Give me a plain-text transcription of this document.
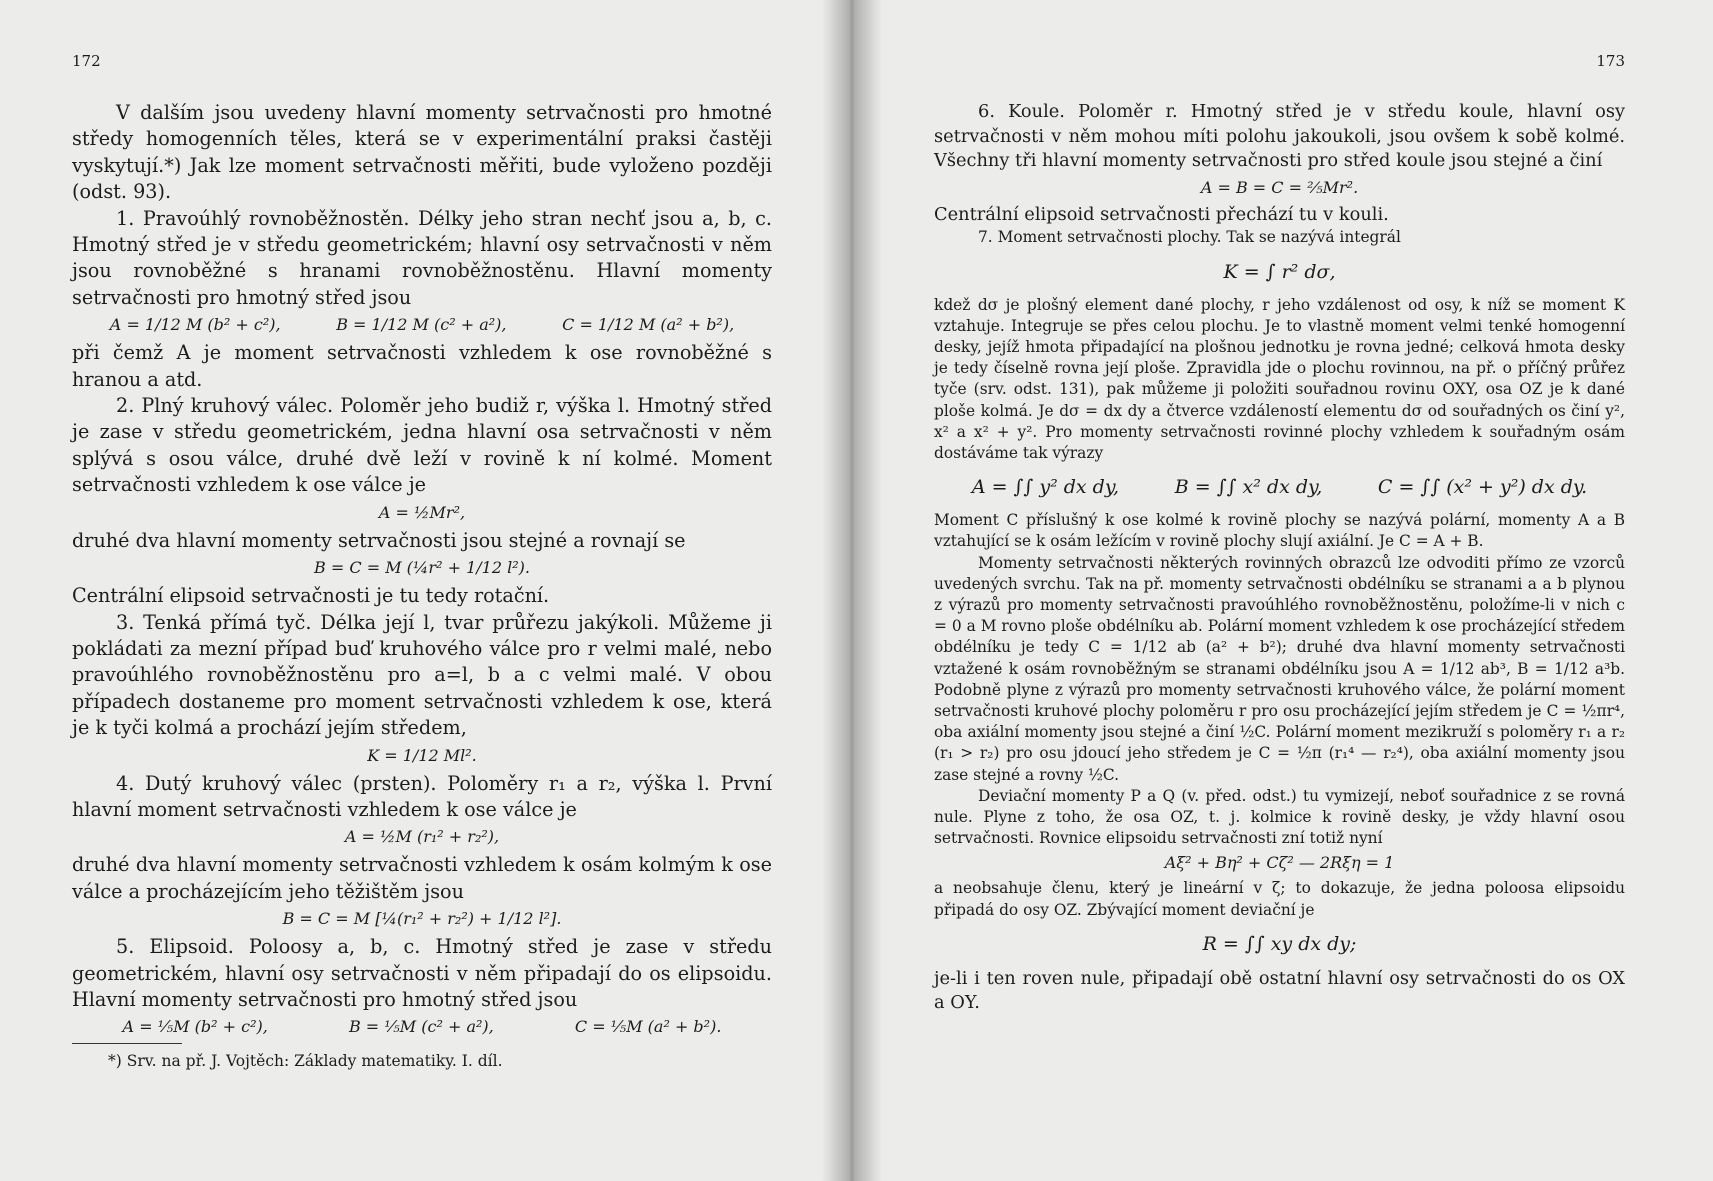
172

V dalším jsou uvedeny hlavní momenty setrvačnosti pro hmotné středy homogenních těles, která se v experimentální praksi častěji vyskytují.*) Jak lze moment setrvačnosti měřiti, bude vyloženo později (odst. 93).

1. Pravoúhlý rovnoběžnostěn. Délky jeho stran nechť jsou a, b, c. Hmotný střed je v středu geometrickém; hlavní osy setrvačnosti v něm jsou rovnoběžné s hranami rovnoběžnostěnu. Hlavní momenty setrvačnosti pro hmotný střed jsou

A = 1/12 M (b² + c²),	B = 1/12 M (c² + a²),	C = 1/12 M (a² + b²),

při čemž A je moment setrvačnosti vzhledem k ose rovnoběžné s hranou a atd.

2. Plný kruhový válec. Poloměr jeho budiž r, výška l. Hmotný střed je zase v středu geometrickém, jedna hlavní osa setrvačnosti v něm splývá s osou válce, druhé dvě leží v rovině k ní kolmé. Moment setrvačnosti vzhledem k ose válce je

A = ½Mr²,

druhé dva hlavní momenty setrvačnosti jsou stejné a rovnají se

B = C = M (¼r² + 1/12 l²).

Centrální elipsoid setrvačnosti je tu tedy rotační.

3. Tenká přímá tyč. Délka její l, tvar průřezu jakýkoli. Můžeme ji pokládati za mezní případ buď kruhového válce pro r velmi malé, nebo pravoúhlého rovnoběžnostěnu pro a=l, b a c velmi malé. V obou případech dostaneme pro moment setrvačnosti vzhledem k ose, která je k tyči kolmá a prochází jejím středem,

K = 1/12 Ml².

4. Dutý kruhový válec (prsten). Poloměry r₁ a r₂, výška l. První hlavní moment setrvačnosti vzhledem k ose válce je

A = ½M (r₁² + r₂²),

druhé dva hlavní momenty setrvačnosti vzhledem k osám kolmým k ose válce a procházejícím jeho těžištěm jsou

B = C = M [¼(r₁² + r₂²) + 1/12 l²].

5. Elipsoid. Poloosy a, b, c. Hmotný střed je zase v středu geometrickém, hlavní osy setrvačnosti v něm připadají do os elipsoidu. Hlavní momenty setrvačnosti pro hmotný střed jsou

A = ⅕M (b² + c²),	B = ⅕M (c² + a²),	C = ⅕M (a² + b²).
*) Srv. na př. J. Vojtěch: Základy matematiky. I. díl.
173

6. Koule. Poloměr r. Hmotný střed je v středu koule, hlavní osy setrvačnosti v něm mohou míti polohu jakoukoli, jsou ovšem k sobě kolmé. Všechny tři hlavní momenty setrvačnosti pro střed koule jsou stejné a činí

A = B = C = ⅖Mr².

Centrální elipsoid setrvačnosti přechází tu v kouli.

7. Moment setrvačnosti plochy. Tak se nazývá integrál

K = ∫ r² dσ,

kdež dσ je plošný element dané plochy, r jeho vzdálenost od osy, k níž se moment K vztahuje. Integruje se přes celou plochu. Je to vlastně moment velmi tenké homogenní desky, jejíž hmota připadající na plošnou jednotku je rovna jedné; celková hmota desky je tedy číselně rovna její ploše. Zpravidla jde o plochu rovinnou, na př. o příčný průřez tyče (srv. odst. 131), pak můžeme ji položiti souřadnou rovinu OXY, osa OZ je k dané ploše kolmá. Je dσ = dx dy a čtverce vzdáleností elementu dσ od souřadných os činí y², x² a x² + y². Pro momenty setrvačnosti rovinné plochy vzhledem k souřadným osám dostáváme tak výrazy

A = ∫∫ y² dx dy,	B = ∫∫ x² dx dy,	C = ∫∫ (x² + y²) dx dy.

Moment C příslušný k ose kolmé k rovině plochy se nazývá polární, momenty A a B vztahující se k osám ležícím v rovině plochy slují axiální. Je C = A + B.

Momenty setrvačnosti některých rovinných obrazců lze odvoditi přímo ze vzorců uvedených svrchu. Tak na př. momenty setrvačnosti obdélníku se stranami a a b plynou z výrazů pro momenty setrvačnosti pravoúhlého rovnoběžnostěnu, položíme-li v nich c = 0 a M rovno ploše obdélníku ab. Polární moment vzhledem k ose procházející středem obdélníku je tedy C = 1/12 ab (a² + b²); druhé dva hlavní momenty setrvačnosti vztažené k osám rovnoběžným se stranami obdélníku jsou A = 1/12 ab³, B = 1/12 a³b. Podobně plyne z výrazů pro momenty setrvačnosti kruhového válce, že polární moment setrvačnosti kruhové plochy poloměru r pro osu procházející jejím středem je C = ½πr⁴, oba axiální momenty jsou stejné a činí ½C. Polární moment mezikruží s poloměry r₁ a r₂ (r₁ > r₂) pro osu jdoucí jeho středem je C = ½π (r₁⁴ — r₂⁴), oba axiální momenty jsou zase stejné a rovny ½C.

Deviační momenty P a Q (v. před. odst.) tu vymizejí, neboť souřadnice z se rovná nule. Plyne z toho, že osa OZ, t. j. kolmice k rovině desky, je vždy hlavní osou setrvačnosti. Rovnice elipsoidu setrvačnosti zní totiž nyní

Aξ² + Bη² + Cζ² — 2Rξη = 1

a neobsahuje členu, který je lineární v ζ; to dokazuje, že jedna poloosa elipsoidu připadá do osy OZ. Zbývající moment deviační je

R = ∫∫ xy dx dy;

je-li i ten roven nule, připadají obě ostatní hlavní osy setrvačnosti do os OX a OY.
